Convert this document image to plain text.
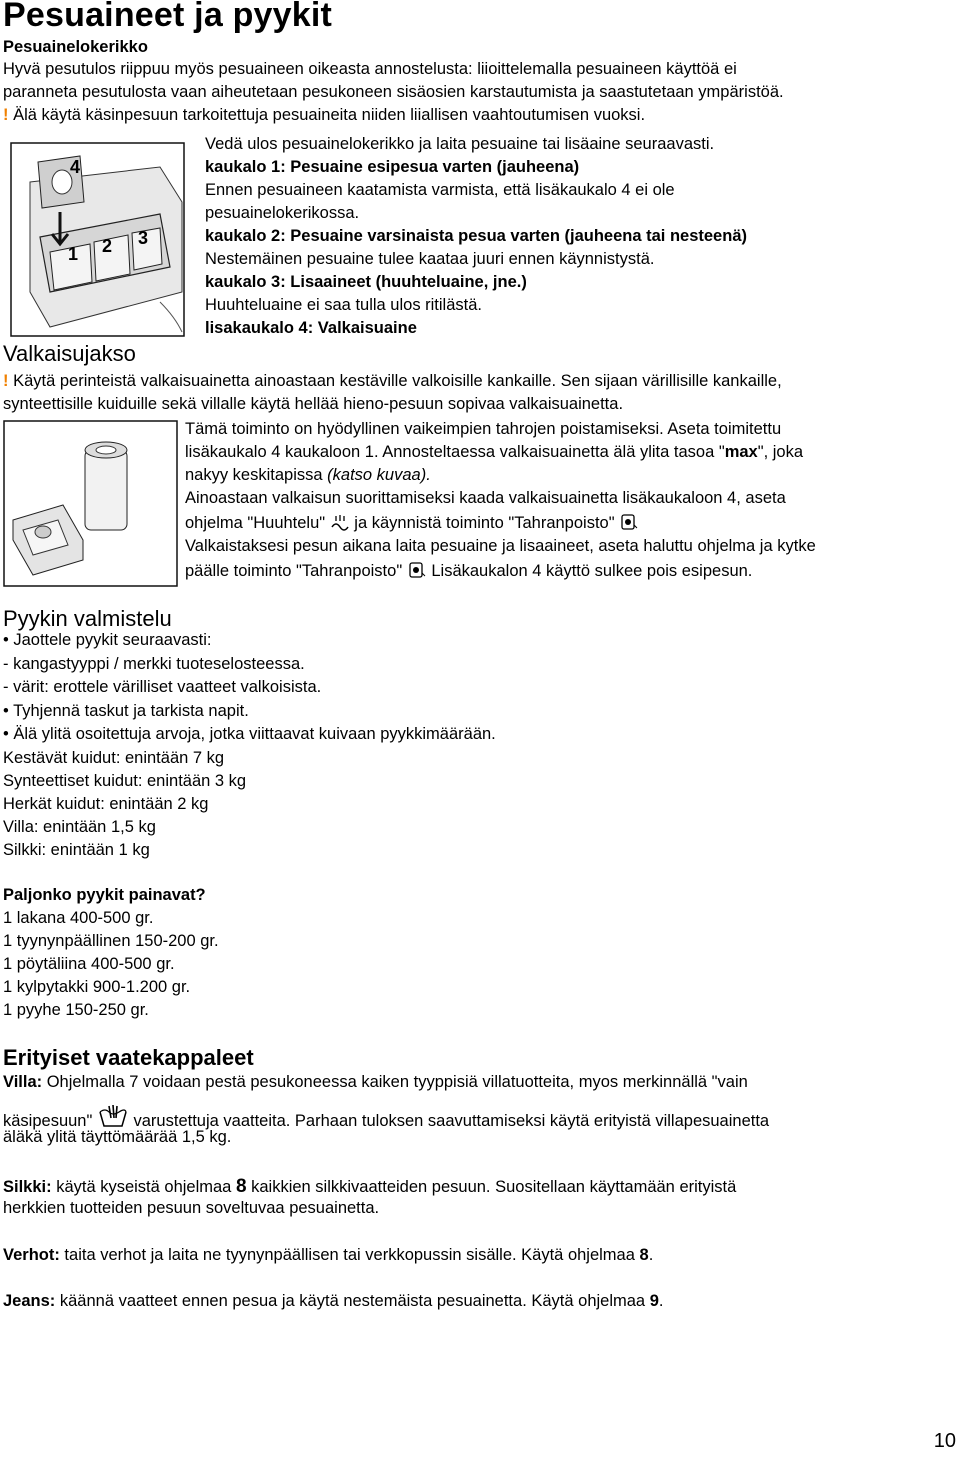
Pesuaineet ja pyykit
Pesuainelokerikko
Hyvä pesutulos riippuu myös pesuaineen oikeasta annostelusta: liioittelemalla pesuaineen käyttöä ei
paranneta pesutulosta vaan aiheutetaan pesukoneen sisäosien karstautumista ja saastutetaan ympäristöä.
! Älä käytä käsinpesuun tarkoitettuja pesuaineita niiden liiallisen vaahtoutumisen vuoksi.
4
1 2 3
Vedä ulos pesuainelokerikko ja laita pesuaine tai lisäaine seuraavasti.
kaukalo 1: Pesuaine esipesua varten (jauheena)
Ennen pesuaineen kaatamista varmista, että lisäkaukalo 4 ei ole
pesuainelokerikossa.
kaukalo 2: Pesuaine varsinaista pesua varten (jauheena tai nesteenä)
Nestemäinen pesuaine tulee kaataa juuri ennen käynnistystä.
kaukalo 3: Lisaaineet (huuhteluaine, jne.)
Huuhteluaine ei saa tulla ulos ritilästä.
lisakaukalo 4: Valkaisuaine
Valkaisujakso
! Käytä perinteistä valkaisuainetta ainoastaan kestäville valkoisille kankaille. Sen sijaan värillisille kankaille,
synteettisille kuiduille sekä villalle käytä hellää hieno-pesuun sopivaa valkaisuainetta.
Tämä toiminto on hyödyllinen vaikeimpien tahrojen poistamiseksi. Aseta toimitettu
lisäkaukalo 4 kaukaloon 1. Annosteltaessa valkaisuainetta älä ylita tasoa "max", joka
nakyy keskitapissa (katso kuvaa).
Ainoastaan valkaisun suorittamiseksi kaada valkaisuainetta lisäkaukaloon 4, aseta
ohjelma "Huuhtelu"
ja käynnistä toiminto "Tahranpoisto"
Valkaistaksesi pesun aikana laita pesuaine ja lisaaineet, aseta haluttu ohjelma ja kytke
päälle toiminto "Tahranpoisto"
Lisäkaukalon 4 käyttö sulkee pois esipesun.
Pyykin valmistelu
• Jaottele pyykit seuraavasti:
- kangastyyppi / merkki tuoteselosteessa.
- värit: erottele värilliset vaatteet valkoisista.
• Tyhjennä taskut ja tarkista napit.
• Älä ylitä osoitettuja arvoja, jotka viittaavat kuivaan pyykkimäärään.
Kestävät kuidut: enintään 7 kg
Synteettiset kuidut: enintään 3 kg
Herkät kuidut: enintään 2 kg
Villa: enintään 1,5 kg
Silkki: enintään 1 kg
Paljonko pyykit painavat?
1 lakana 400-500 gr.
1 tyynynpäällinen 150-200 gr.
1 pöytäliina 400-500 gr.
1 kylpytakki 900-1.200 gr.
1 pyyhe 150-250 gr.
Erityiset vaatekappaleet
Villa: Ohjelmalla 7 voidaan pestä pesukoneessa kaiken tyyppisiä villatuotteita, myos merkinnällä "vain
käsipesuun"
varustettuja vaatteita. Parhaan tuloksen saavuttamiseksi käytä erityistä villapesuainetta
äläkä ylitä täyttömäärää 1,5 kg.
Silkki: käytä kyseistä ohjelmaa 8 kaikkien silkkivaatteiden pesuun. Suositellaan käyttamään erityistä
herkkien tuotteiden pesuun soveltuvaa pesuainetta.
Verhot: taita verhot ja laita ne tyynynpäällisen tai verkkopussin sisälle. Käytä ohjelmaa 8.
Jeans: käännä vaatteet ennen pesua ja käytä nestemäista pesuainetta. Käytä ohjelmaa 9.
10
